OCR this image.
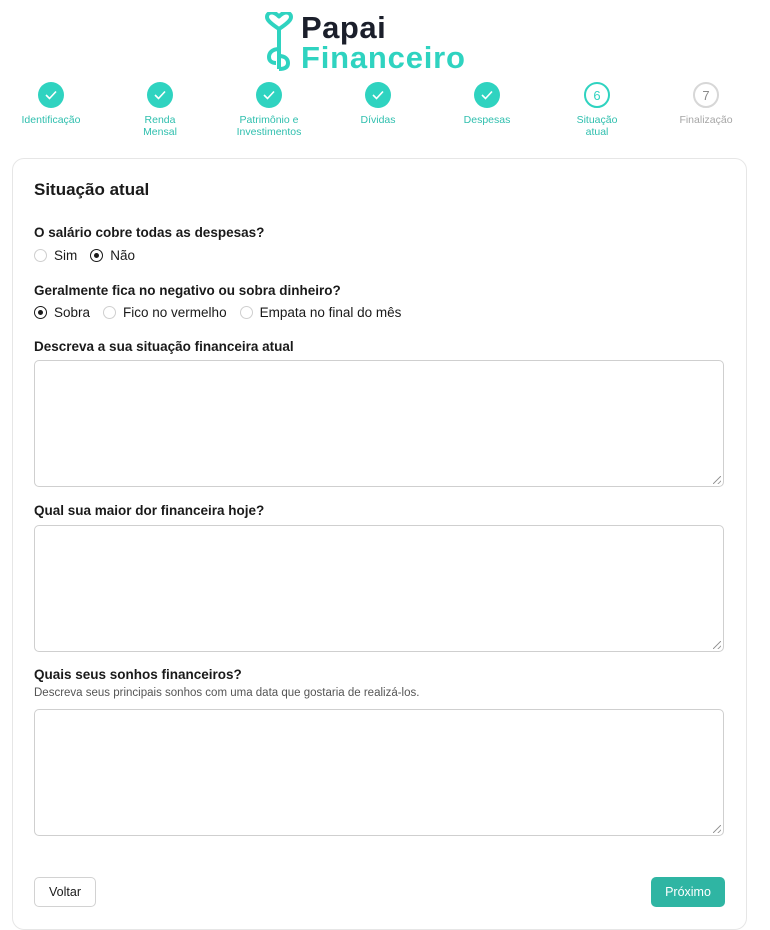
Papai
Financeiro
Identificação	Renda
Mensal
Patrimônio e
Investimentos
Dívidas	Despesas
6
Situação
atual
7
Finalização
Situação atual
O salário cobre todas as despesas?
Sim Não
Geralmente fica no negativo ou sobra dinheiro?
Sobra Fico no vermelho Empata no final do mês
Descreva a sua situação financeira atual
Qual sua maior dor financeira hoje?
Quais seus sonhos financeiros?
Descreva seus principais sonhos com uma data que gostaria de realizá-los.
Voltar	Próximo
